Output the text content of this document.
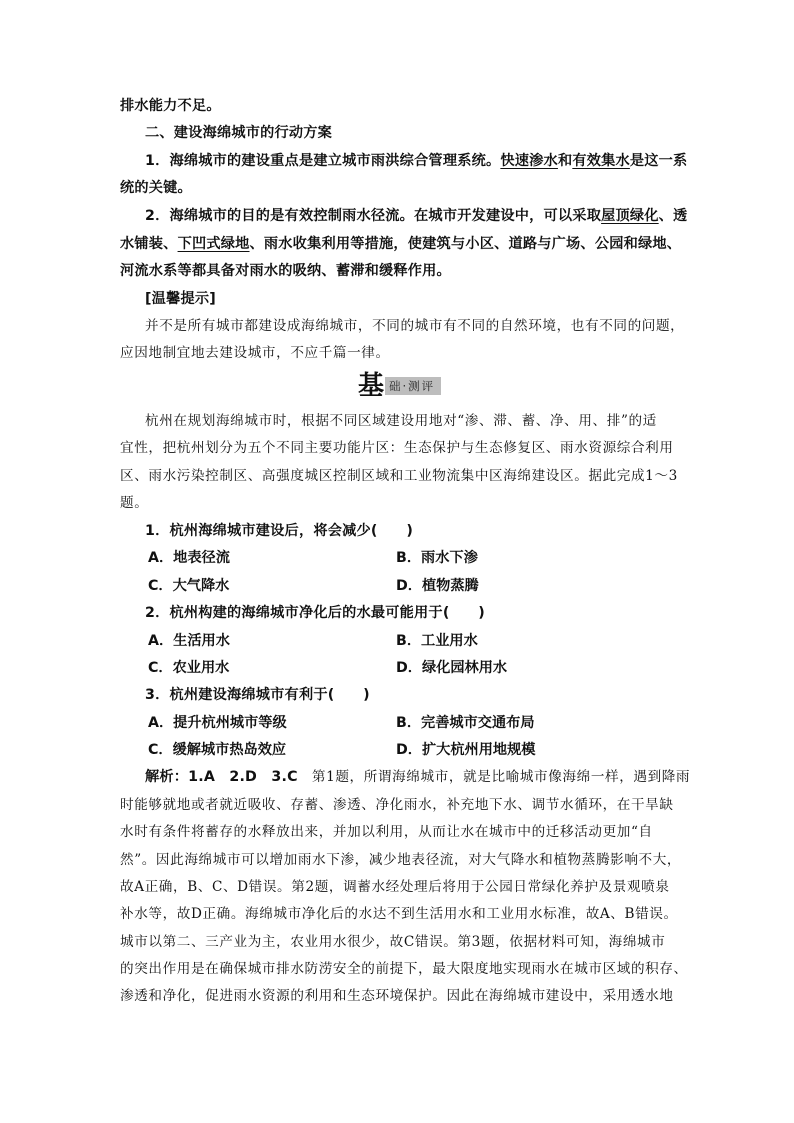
排水能力不足。
二、建设海绵城市的行动方案
1．海绵城市的建设重点是建立城市雨洪综合管理系统。快速渗水和有效集水是这一系
统的关键。
2．海绵城市的目的是有效控制雨水径流。在城市开发建设中，可以采取屋顶绿化、透
水铺装、下凹式绿地、雨水收集利用等措施，使建筑与小区、道路与广场、公园和绿地、
河流水系等都具备对雨水的吸纳、蓄滞和缓释作用。
[温馨提示]
并不是所有城市都建设成海绵城市，不同的城市有不同的自然环境，也有不同的问题，
应因地制宜地去建设城市，不应千篇一律。
基 础·测评
杭州在规划海绵城市时，根据不同区域建设用地对“渗、滞、蓄、净、用、排”的适
宜性，把杭州划分为五个不同主要功能片区：生态保护与生态修复区、雨水资源综合利用
区、雨水污染控制区、高强度城区控制区域和工业物流集中区海绵建设区。据此完成1～3
题。
1．杭州海绵城市建设后，将会减少(　　)
A．地表径流	B．雨水下渗
C．大气降水	D．植物蒸腾
2．杭州构建的海绵城市净化后的水最可能用于(　　)
A．生活用水	B．工业用水
C．农业用水	D．绿化园林用水
3．杭州建设海绵城市有利于(　　)
A．提升杭州城市等级	B．完善城市交通布局
C．缓解城市热岛效应	D．扩大杭州用地规模
解析：1.A　2.D　3.C　第1题，所谓海绵城市，就是比喻城市像海绵一样，遇到降雨
时能够就地或者就近吸收、存蓄、渗透、净化雨水，补充地下水、调节水循环，在干旱缺
水时有条件将蓄存的水释放出来，并加以利用，从而让水在城市中的迁移活动更加“自
然”。因此海绵城市可以增加雨水下渗，减少地表径流，对大气降水和植物蒸腾影响不大，
故A正确，B、C、D错误。第2题，调蓄水经处理后将用于公园日常绿化养护及景观喷泉
补水等，故D正确。海绵城市净化后的水达不到生活用水和工业用水标准，故A、B错误。
城市以第二、三产业为主，农业用水很少，故C错误。第3题，依据材料可知，海绵城市
的突出作用是在确保城市排水防涝安全的前提下，最大限度地实现雨水在城市区域的积存、
渗透和净化，促进雨水资源的利用和生态环境保护。因此在海绵城市建设中，采用透水地
